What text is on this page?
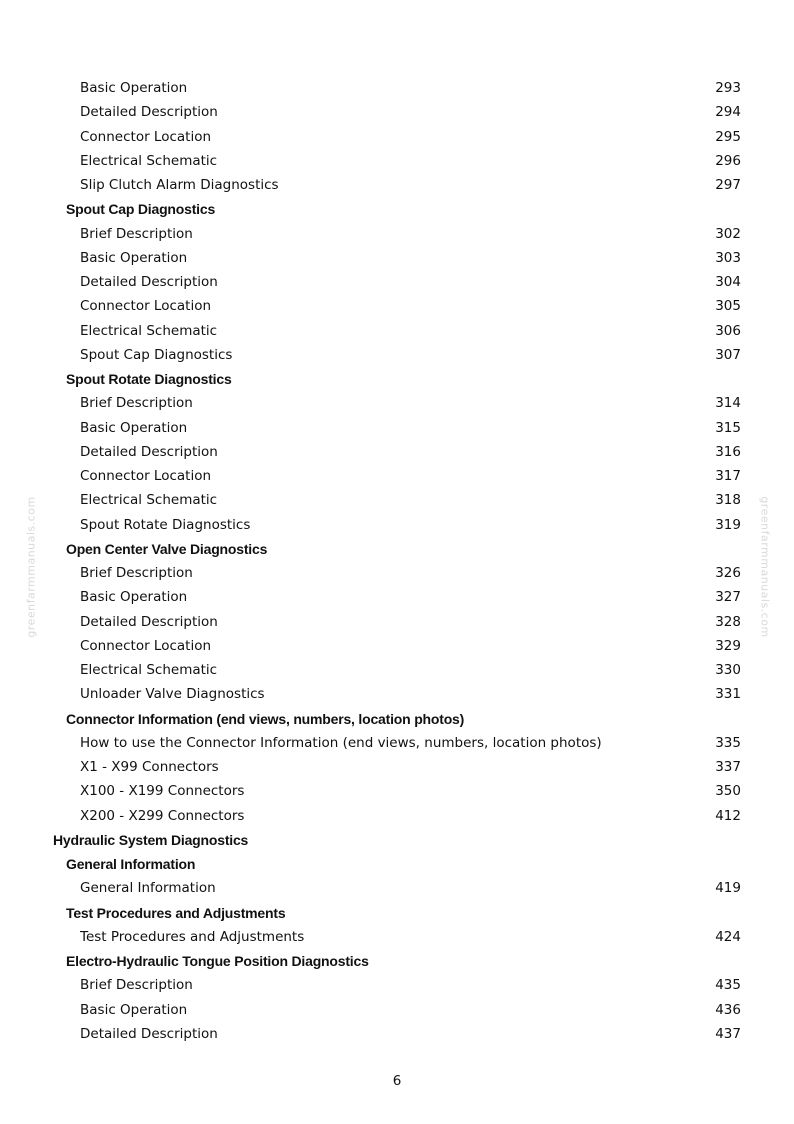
Basic Operation	293
Detailed Description	294
Connector Location	295
Electrical Schematic	296
Slip Clutch Alarm Diagnostics	297
Spout Cap Diagnostics
Brief Description	302
Basic Operation	303
Detailed Description	304
Connector Location	305
Electrical Schematic	306
Spout Cap Diagnostics	307
Spout Rotate Diagnostics
Brief Description	314
Basic Operation	315
Detailed Description	316
Connector Location	317
Electrical Schematic	318
Spout Rotate Diagnostics	319
Open Center Valve Diagnostics
Brief Description	326
Basic Operation	327
Detailed Description	328
Connector Location	329
Electrical Schematic	330
Unloader Valve Diagnostics	331
Connector Information (end views, numbers, location photos)
How to use the Connector Information (end views, numbers, location photos)	335
X1 - X99 Connectors	337
X100 - X199 Connectors	350
X200 - X299 Connectors	412
Hydraulic System Diagnostics
General Information
General Information	419
Test Procedures and Adjustments
Test Procedures and Adjustments	424
Electro-Hydraulic Tongue Position Diagnostics
Brief Description	435
Basic Operation	436
Detailed Description	437
greenfarmmanuals.com	greenfarmmanuals.com
6
